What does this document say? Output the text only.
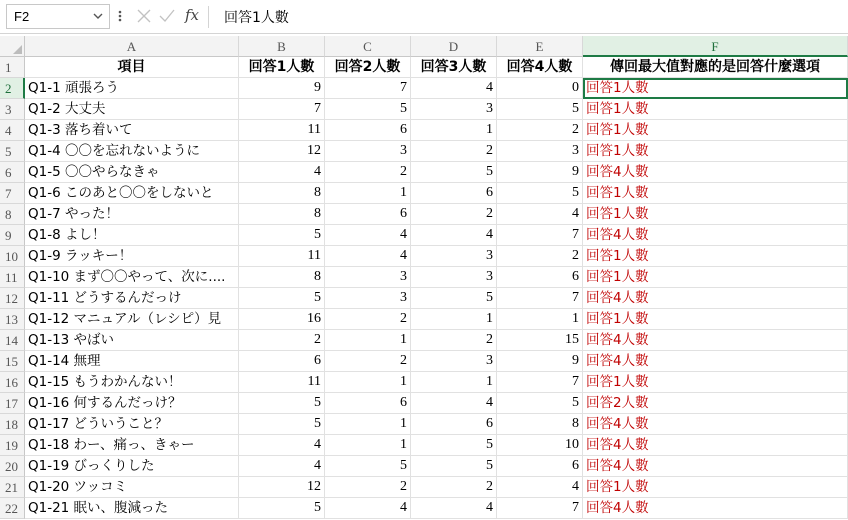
F2	fx 回答1人數
A	B	C	D	E	F
1	項目	回答1人數	回答2人數	回答3人數	回答4人數	傳回最大值對應的是回答什麼選項
2	Q1-1 頑張ろう	9	7	4	0 回答1人數
3	Q1-2 大丈夫	7	5	3	5 回答1人數
4	Q1-3 落ち着いて	11	6	1	2 回答1人數
5	Q1-4 〇〇を忘れないように	12	3	2	3 回答1人數
6	Q1-5 〇〇やらなきゃ	4	2	5	9 回答4人數
7	Q1-6 このあと〇〇をしないと	8	1	6	5 回答1人數
8	Q1-7 やった！	8	6	2	4 回答1人數
9	Q1-8 よし！	5	4	4	7 回答4人數
10 Q1-9 ラッキー！	11	4	3	2 回答1人數
11 Q1-10 まず〇〇やって、次に....	8	3	3	6 回答1人數
12 Q1-11 どうするんだっけ	5	3	5	7 回答4人數
13 Q1-12 マニュアル（レシピ）見	16	2	1	1 回答1人數
14 Q1-13 やばい	2	1	2	15 回答4人數
15 Q1-14 無理	6	2	3	9 回答4人數
16 Q1-15 もうわかんない！	11	1	1	7 回答1人數
17 Q1-16 何するんだっけ？	5	6	4	5 回答2人數
18 Q1-17 どういうこと？	5	1	6	8 回答4人數
19 Q1-18 わー、痛っ、きゃー	4	1	5	10 回答4人數
20 Q1-19 びっくりした	4	5	5	6 回答4人數
21 Q1-20 ツッコミ	12	2	2	4 回答1人數
22 Q1-21 眠い、腹減った	5	4	4	7 回答4人數
